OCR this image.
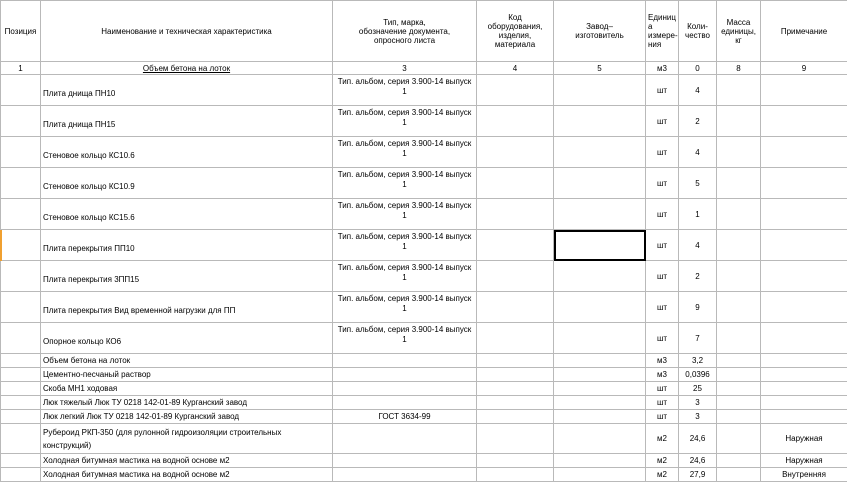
Позиция	Наименование и техническая характеристика	Тип, марка,
обозначение документа,
опросного листа	Код
оборудования,
изделия,
материала	Завод–
изготовитель	Единиц
а
измере-
ния	Коли-
чество	Масса
единицы,
кг	Примечание
1	Объем бетона на лоток	3	4	5	м3	0	8	9
	Плита днища ПН10	Тип. альбом, серия 3.900-14 выпуск
1			шт	4		
	Плита днища ПН15	Тип. альбом, серия 3.900-14 выпуск
1			шт	2		
	Стеновое кольцо КС10.6	Тип. альбом, серия 3.900-14 выпуск
1			шт	4		
	Стеновое кольцо КС10.9	Тип. альбом, серия 3.900-14 выпуск
1			шт	5		
	Стеновое кольцо КС15.6	Тип. альбом, серия 3.900-14 выпуск
1			шт	1		
	Плита перекрытия ПП10	Тип. альбом, серия 3.900-14 выпуск
1			шт	4		
	Плита перекрытия 3ПП15	Тип. альбом, серия 3.900-14 выпуск
1			шт	2		
	Плита перекрытия Вид временной нагрузки для ПП	Тип. альбом, серия 3.900-14 выпуск
1			шт	9		
	Опорное кольцо КО6	Тип. альбом, серия 3.900-14 выпуск
1			шт	7		
	Объем бетона на лоток				м3	3,2		
	Цементно-песчаный раствор				м3	0,0396		
	Скоба МН1 ходовая				шт	25		
	Люк тяжелый Люк ТУ 0218 142-01-89 Курганский завод				шт	3		
	Люк легкий Люк ТУ 0218 142-01-89 Курганский завод	ГОСТ 3634-99			шт	3		
	Рубероид РКП-350 (для рулонной гидроизоляции строительных
конструкций)				м2	24,6		Наружная
	Холодная битумная мастика на водной основе м2				м2	24,6		Наружная
	Холодная битумная мастика на водной основе м2				м2	27,9		Внутренняя
